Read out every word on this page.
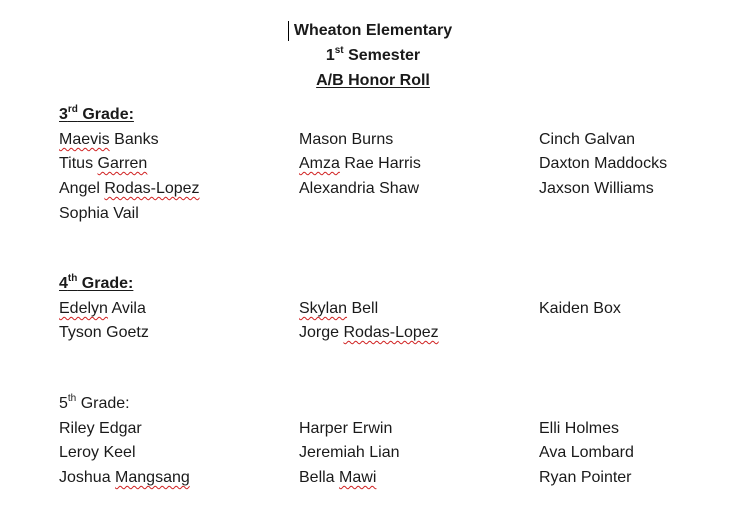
Wheaton Elementary
1st Semester
A/B Honor Roll
3rd Grade:
Maevis Banks	Mason Burns	Cinch Galvan
Titus Garren	Amza Rae Harris	Daxton Maddocks
Angel Rodas-Lopez	Alexandria Shaw	Jaxson Williams
Sophia Vail
4th Grade:
Edelyn Avila	Skylan Bell	Kaiden Box
Tyson Goetz	Jorge Rodas-Lopez
5th Grade:
Riley Edgar	Harper Erwin	Elli Holmes
Leroy Keel	Jeremiah Lian	Ava Lombard
Joshua Mangsang	Bella Mawi	Ryan Pointer
